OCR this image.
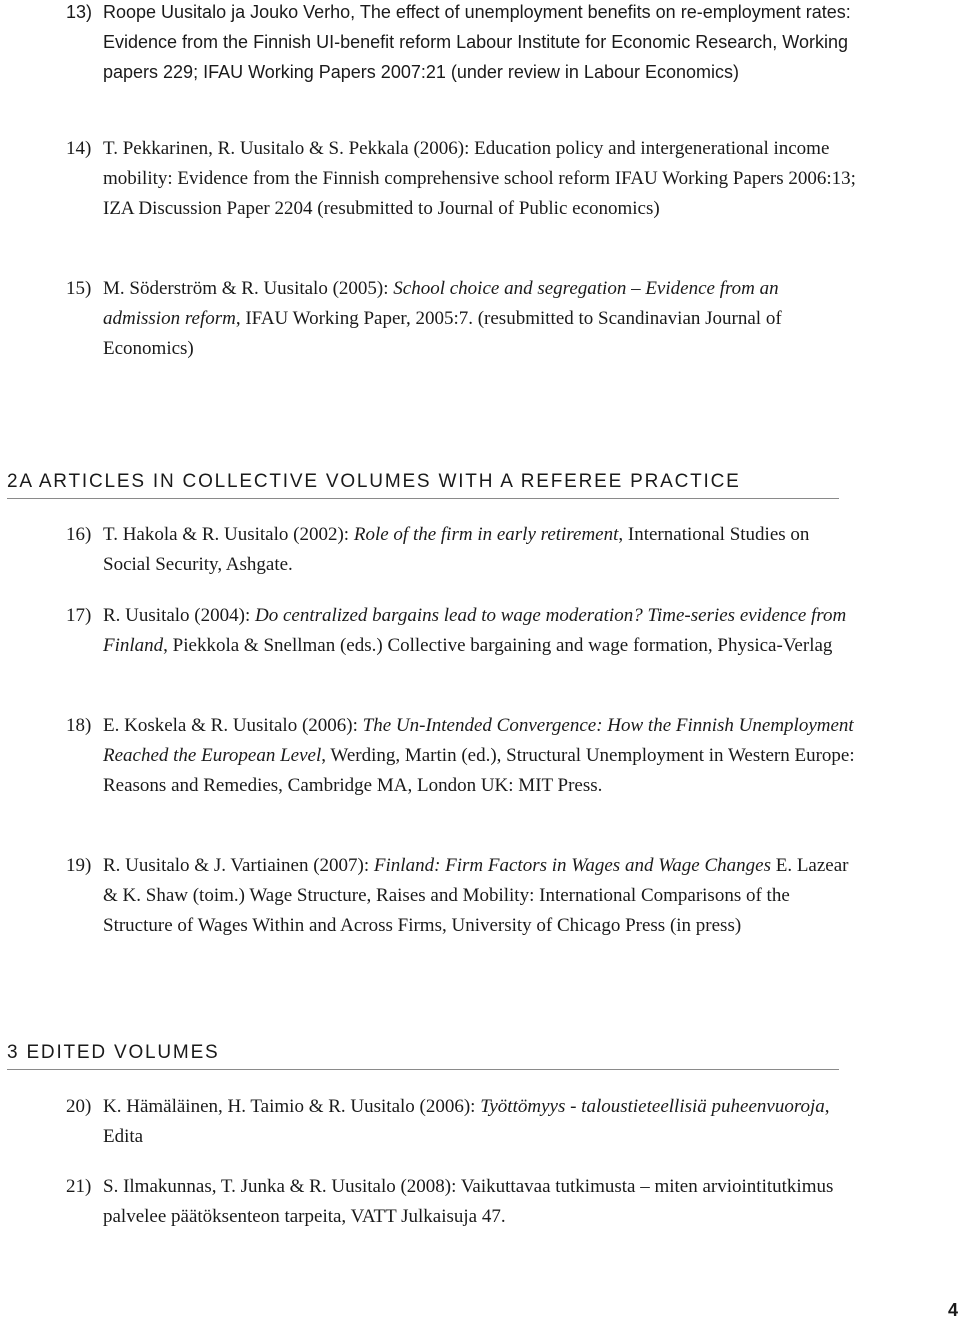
13) Roope Uusitalo ja Jouko Verho, The effect of unemployment benefits on re-employment rates: Evidence from the Finnish UI-benefit reform Labour Institute for Economic Research, Working papers 229; IFAU Working Papers 2007:21 (under review in Labour Economics)
14) T. Pekkarinen, R. Uusitalo & S. Pekkala (2006): Education policy and intergenerational income mobility: Evidence from the Finnish comprehensive school reform IFAU Working Papers 2006:13; IZA Discussion Paper 2204 (resubmitted to Journal of Public economics)
15) M. Söderström & R. Uusitalo (2005): School choice and segregation – Evidence from an admission reform, IFAU Working Paper, 2005:7. (resubmitted to Scandinavian Journal of Economics)
2A ARTICLES IN COLLECTIVE VOLUMES WITH A REFEREE PRACTICE
16) T. Hakola & R. Uusitalo (2002): Role of the firm in early retirement, International Studies on Social Security, Ashgate.
17) R. Uusitalo (2004): Do centralized bargains lead to wage moderation? Time-series evidence from Finland, Piekkola & Snellman (eds.) Collective bargaining and wage formation, Physica-Verlag
18) E. Koskela & R. Uusitalo (2006): The Un-Intended Convergence: How the Finnish Unemployment Reached the European Level, Werding, Martin (ed.), Structural Unemployment in Western Europe: Reasons and Remedies, Cambridge MA, London UK: MIT Press.
19) R. Uusitalo & J. Vartiainen (2007): Finland: Firm Factors in Wages and Wage Changes E. Lazear & K. Shaw (toim.) Wage Structure, Raises and Mobility: International Comparisons of the Structure of Wages Within and Across Firms, University of Chicago Press (in press)
3 EDITED VOLUMES
20) K. Hämäläinen, H. Taimio & R. Uusitalo (2006): Työttömyys - taloustieteellisiä puheenvuoroja, Edita
21) S. Ilmakunnas, T. Junka & R. Uusitalo (2008): Vaikuttavaa tutkimusta – miten arviointitutkimus palvelee päätöksenteon tarpeita, VATT Julkaisuja 47.
4
